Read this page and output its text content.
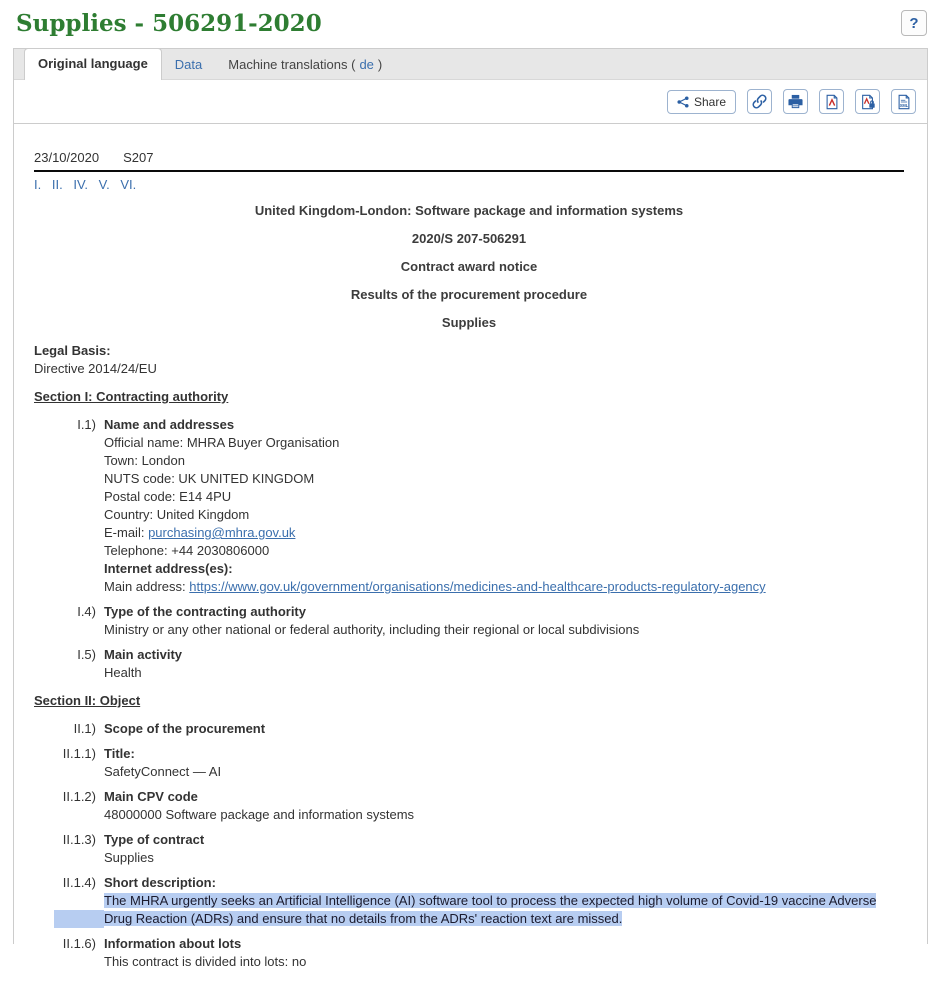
Supplies - 506291-2020	?
Original language	Data	Machine translations ( de )
Share	XML
23/10/2020 S207
I. II. IV. V. VI.

United Kingdom-London: Software package and information systems

2020/S 207-506291

Contract award notice

Results of the procurement procedure

Supplies

Legal Basis:

Directive 2014/24/EU

Section I: Contracting authority
I.1) Name and addresses
Official name: MHRA Buyer Organisation
Town: London
NUTS code: UK UNITED KINGDOM
Postal code: E14 4PU
Country: United Kingdom
E-mail: purchasing@mhra.gov.uk
Telephone: +44 2030806000
Internet address(es):
Main address: https://www.gov.uk/government/organisations/medicines-and-healthcare-products-regulatory-agency
I.4) Type of the contracting authority
Ministry or any other national or federal authority, including their regional or local subdivisions
I.5) Main activity
Health
Section II: Object
II.1) Scope of the procurement
II.1.1) Title:
SafetyConnect — AI
II.1.2) Main CPV code
48000000 Software package and information systems
II.1.3) Type of contract
Supplies
II.1.4) Short description:
The MHRA urgently seeks an Artificial Intelligence (AI) software tool to process the expected high volume of Covid-19 vaccine Adverse Drug Reaction (ADRs) and ensure that no details from the ADRs' reaction text are missed.
II.1.6) Information about lots
This contract is divided into lots: no
